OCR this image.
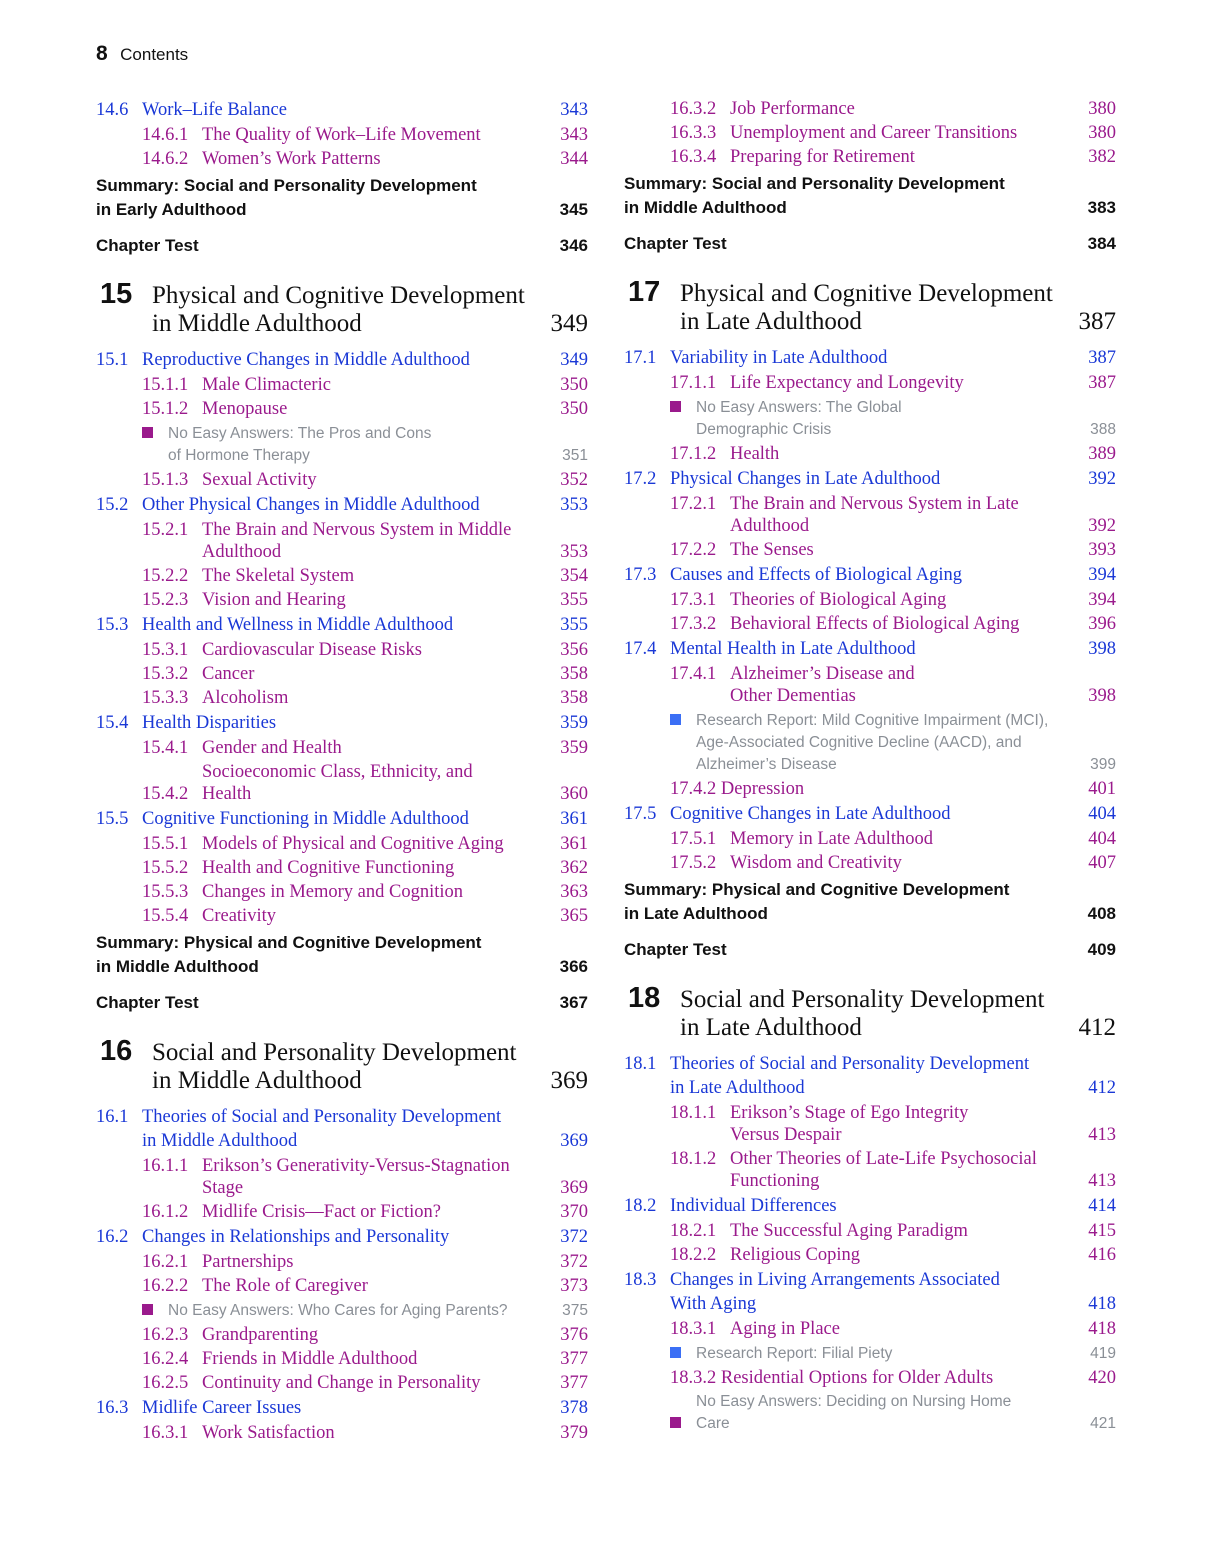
8 Contents
14.6 Work–Life Balance	343
14.6.1 The Quality of Work–Life Movement	343
14.6.2 Women’s Work Patterns	344
Summary: Social and Personality Development
in Early Adulthood	345
Chapter Test	346
15 Physical and Cognitive Development
in Middle Adulthood	349
15.1 Reproductive Changes in Middle Adulthood	349
15.1.1 Male Climacteric	350
15.1.2 Menopause	350
No Easy Answers: The Pros and Cons
of Hormone Therapy	351
15.1.3 Sexual Activity	352
15.2 Other Physical Changes in Middle Adulthood	353
15.2.1 The Brain and Nervous System in Middle
Adulthood	353
15.2.2 The Skeletal System	354
15.2.3 Vision and Hearing	355
15.3 Health and Wellness in Middle Adulthood	355
15.3.1 Cardiovascular Disease Risks	356
15.3.2 Cancer	358
15.3.3 Alcoholism	358
15.4 Health Disparities	359
15.4.1 Gender and Health	359
15.4.2
Socioeconomic Class, Ethnicity, and Health	360
15.5 Cognitive Functioning in Middle Adulthood	361
15.5.1 Models of Physical and Cognitive Aging	361
15.5.2 Health and Cognitive Functioning	362
15.5.3 Changes in Memory and Cognition	363
15.5.4 Creativity	365
Summary: Physical and Cognitive Development
in Middle Adulthood	366
Chapter Test	367
16 Social and Personality Development
in Middle Adulthood	369
16.1 Theories of Social and Personality Development
in Middle Adulthood	369
16.1.1 Erikson’s Generativity-Versus-Stagnation
Stage	369
16.1.2 Midlife Crisis—Fact or Fiction?	370
16.2 Changes in Relationships and Personality	372
16.2.1 Partnerships	372
16.2.2 The Role of Caregiver	373
No Easy Answers: Who Cares for Aging Parents?	375
16.2.3 Grandparenting	376
16.2.4 Friends in Middle Adulthood	377
16.2.5 Continuity and Change in Personality	377
16.3 Midlife Career Issues	378
16.3.1 Work Satisfaction	379
16.3.2 Job Performance	380
16.3.3 Unemployment and Career Transitions	380
16.3.4 Preparing for Retirement	382
Summary: Social and Personality Development
in Middle Adulthood	383
Chapter Test	384
17 Physical and Cognitive Development
in Late Adulthood	387
17.1 Variability in Late Adulthood	387
17.1.1 Life Expectancy and Longevity	387
No Easy Answers: The Global
Demographic Crisis	388
17.1.2 Health	389
17.2 Physical Changes in Late Adulthood	392
17.2.1 The Brain and Nervous System in Late
Adulthood	392
17.2.2 The Senses	393
17.3 Causes and Effects of Biological Aging	394
17.3.1 Theories of Biological Aging	394
17.3.2 Behavioral Effects of Biological Aging	396
17.4 Mental Health in Late Adulthood	398
17.4.1 Alzheimer’s Disease and
Other Dementias	398
Research Report: Mild Cognitive Impairment (MCI),
Age-Associated Cognitive Decline (AACD), and
Alzheimer’s Disease	399
17.4.2 Depression	401
17.5 Cognitive Changes in Late Adulthood	404
17.5.1 Memory in Late Adulthood	404
17.5.2 Wisdom and Creativity	407
Summary: Physical and Cognitive Development
in Late Adulthood	408
Chapter Test	409
18 Social and Personality Development
in Late Adulthood	412
18.1 Theories of Social and Personality Development
in Late Adulthood	412
18.1.1 Erikson’s Stage of Ego Integrity
Versus Despair	413
18.1.2 Other Theories of Late-Life Psychosocial
Functioning	413
18.2 Individual Differences	414
18.2.1 The Successful Aging Paradigm	415
18.2.2 Religious Coping	416
18.3 Changes in Living Arrangements Associated
With Aging	418
18.3.1 Aging in Place	418
Research Report: Filial Piety	419
18.3.2 Residential Options for Older Adults	420
No Easy Answers: Deciding on Nursing Home Care	421
